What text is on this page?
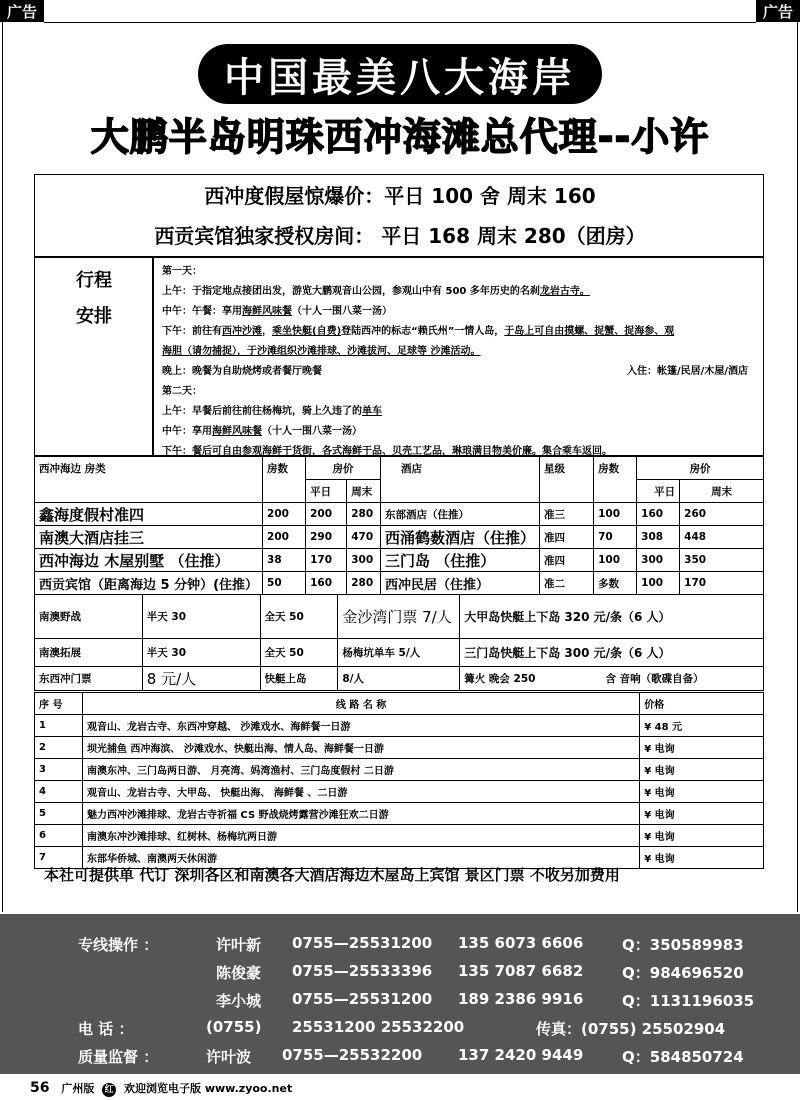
广告	广告
中国最美八大海岸
大鹏半岛明珠西冲海滩总代理--小许
西冲度假屋惊爆价：平日 100 舍 周末 160
西贡宾馆独家授权房间： 平日 168 周末 280（团房）
行程
安排
第一天：
上午：于指定地点接团出发，游览大鹏观音山公园，参观山中有 500 多年历史的名刹龙岩古寺。
中午：午餐：享用海鲜风味餐（十人一围八菜一汤）
下午：前往有西冲沙滩，乘坐快艇(自费)登陆西冲的标志“赖氏州”一情人岛，于岛上可自由摸螺、捉蟹、捉海参、观
海胆（请勿捕捉），于沙滩组织沙滩排球、沙滩拔河、足球等 沙滩活动。
晚上：晚餐为自助烧烤或者餐厅晚餐	入住：帐篷/民居/木屋/酒店
第二天：
上午：早餐后前往前往杨梅坑，骑上久违了的单车
中午：享用海鲜风味餐（十人一围八菜一汤）
下午：餐后可自由参观海鲜干货街，各式海鲜干品、贝壳工艺品，琳琅满目物美价廉。集合乘车返回。
西冲海边 房类	房数	房价		酒店	星级	房数	房价	
		平日	周末				平日	周末
鑫海度假村准四	200	200	280	东部酒店（住推）	准三	100	160	260
南澳大酒店挂三	200	290	470	西涌鹤薮酒店（住推）	准四	70	308	448
西冲海边 木屋别墅 （住推）	38	170	300	三门岛 （住推）	准四	100	300	350
西贡宾馆（距离海边 5 分钟）(住推）	50	160	280	西冲民居（住推）	准二	多数	100	170
南澳野战	半天 30	全天 50	金沙湾门票 7/人	大甲岛快艇上下岛 320 元/条（6 人）
南澳拓展	半天 30	全天 50	杨梅坑单车 5/人	三门岛快艇上下岛 300 元/条（6 人）
东西冲门票	8 元/人	快艇上岛	8/人	篝火 晚会 250 含 音响（歌碟自备）
序 号	线 路 名 称	价格
1	观音山、龙岩古寺、东西冲穿越、 沙滩戏水、海鲜餐一日游	¥ 48 元
2	坝光捕鱼 西冲海滨、 沙滩戏水、快艇出海、情人岛、海鲜餐一日游	¥ 电询
3	南澳东冲、三门岛两日游、 月亮湾、妈湾渔村、三门岛度假村 二日游	¥ 电询
4	观音山、龙岩古寺、大甲岛、 快艇出海、 海鲜餐 、二日游	¥ 电询
5	魅力西冲沙滩排球、龙岩古寺祈福 CS 野战烧烤露营沙滩狂欢二日游	¥ 电询
6	南澳东冲沙滩排球、红树林、杨梅坑两日游	¥ 电询
7	东部华侨城、南澳两天休闲游	¥ 电询
本社可提供单 代订 深圳各区和南澳各大酒店海边木屋岛上宾馆 景区门票 不收另加费用
专线操作 ：	许叶新 0755—25531200 135 6073 6606	Q：350589983
陈俊豪 0755—25533396 135 7087 6682	Q：984696520
李小城 0755—25531200 189 2386 9916	Q：1131196035
电 话 ：	(0755) 25531200 25532200	传真：(0755) 25502904
质量监督 ：	许叶波 0755—25532200 137 2420 9449	Q：584850724
56 广州版 红 欢迎浏览电子版 www.zyoo.net
